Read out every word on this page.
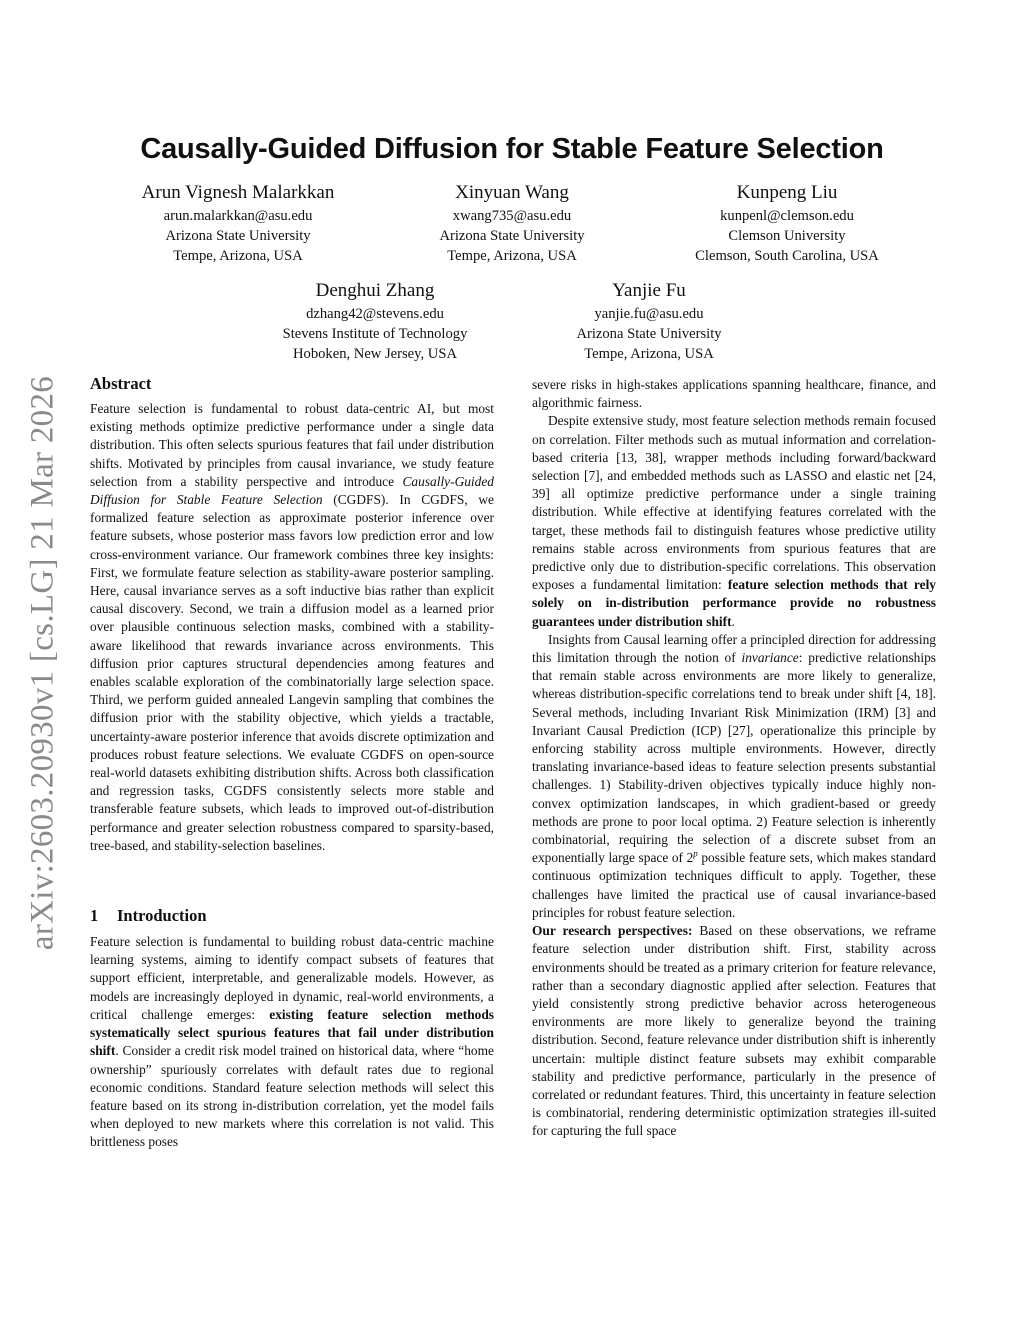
arXiv:2603.20930v1 [cs.LG] 21 Mar 2026
Causally-Guided Diffusion for Stable Feature Selection
Arun Vignesh Malarkkan
arun.malarkkan@asu.edu
Arizona State University
Tempe, Arizona, USA
Xinyuan Wang
xwang735@asu.edu
Arizona State University
Tempe, Arizona, USA
Kunpeng Liu
kunpenl@clemson.edu
Clemson University
Clemson, South Carolina, USA
Denghui Zhang
dzhang42@stevens.edu
Stevens Institute of Technology
Hoboken, New Jersey, USA
Yanjie Fu
yanjie.fu@asu.edu
Arizona State University
Tempe, Arizona, USA
Abstract

Feature selection is fundamental to robust data-centric AI, but most existing methods optimize predictive performance under a single data distribution. This often selects spurious features that fail under distribution shifts. Motivated by principles from causal invariance, we study feature selection from a stability perspective and introduce Causally-Guided Diffusion for Stable Feature Selection (CGDFS). In CGDFS, we formalized feature selection as approximate posterior inference over feature subsets, whose posterior mass favors low prediction error and low cross-environment variance. Our framework combines three key insights: First, we formulate feature selection as stability-aware posterior sampling. Here, causal invariance serves as a soft inductive bias rather than explicit causal discovery. Second, we train a diffusion model as a learned prior over plausible continuous selection masks, combined with a stability-aware likelihood that rewards invariance across environments. This diffusion prior captures structural dependencies among features and enables scalable exploration of the combinatorially large selection space. Third, we perform guided annealed Langevin sampling that combines the diffusion prior with the stability objective, which yields a tractable, uncertainty-aware posterior inference that avoids discrete optimization and produces robust feature selections. We evaluate CGDFS on open-source real-world datasets exhibiting distribution shifts. Across both classification and regression tasks, CGDFS consistently selects more stable and transferable feature subsets, which leads to improved out-of-distribution performance and greater selection robustness compared to sparsity-based, tree-based, and stability-selection baselines.

1 Introduction

Feature selection is fundamental to building robust data-centric machine learning systems, aiming to identify compact subsets of features that support efficient, interpretable, and generalizable models. However, as models are increasingly deployed in dynamic, real-world environments, a critical challenge emerges: existing feature selection methods systematically select spurious features that fail under distribution shift. Consider a credit risk model trained on historical data, where “home ownership” spuriously correlates with default rates due to regional economic conditions. Standard feature selection methods will select this feature based on its strong in-distribution correlation, yet the model fails when deployed to new markets where this correlation is not valid. This brittleness poses

severe risks in high-stakes applications spanning healthcare, finance, and algorithmic fairness.

Despite extensive study, most feature selection methods remain focused on correlation. Filter methods such as mutual information and correlation-based criteria [13, 38], wrapper methods including forward/backward selection [7], and embedded methods such as LASSO and elastic net [24, 39] all optimize predictive performance under a single training distribution. While effective at identifying features correlated with the target, these methods fail to distinguish features whose predictive utility remains stable across environments from spurious features that are predictive only due to distribution-specific correlations. This observation exposes a fundamental limitation: feature selection methods that rely solely on in-distribution performance provide no robustness guarantees under distribution shift.

Insights from Causal learning offer a principled direction for addressing this limitation through the notion of invariance: predictive relationships that remain stable across environments are more likely to generalize, whereas distribution-specific correlations tend to break under shift [4, 18]. Several methods, including Invariant Risk Minimization (IRM) [3] and Invariant Causal Prediction (ICP) [27], operationalize this principle by enforcing stability across multiple environments. However, directly translating invariance-based ideas to feature selection presents substantial challenges. 1) Stability-driven objectives typically induce highly non-convex optimization landscapes, in which gradient-based or greedy methods are prone to poor local optima. 2) Feature selection is inherently combinatorial, requiring the selection of a discrete subset from an exponentially large space of 2$^p$ possible feature sets, which makes standard continuous optimization techniques difficult to apply. Together, these challenges have limited the practical use of causal invariance-based principles for robust feature selection.

Our research perspectives: Based on these observations, we reframe feature selection under distribution shift. First, stability across environments should be treated as a primary criterion for feature relevance, rather than a secondary diagnostic applied after selection. Features that yield consistently strong predictive behavior across heterogeneous environments are more likely to generalize beyond the training distribution. Second, feature relevance under distribution shift is inherently uncertain: multiple distinct feature subsets may exhibit comparable stability and predictive performance, particularly in the presence of correlated or redundant features. Third, this uncertainty in feature selection is combinatorial, rendering deterministic optimization strategies ill-suited for capturing the full space
